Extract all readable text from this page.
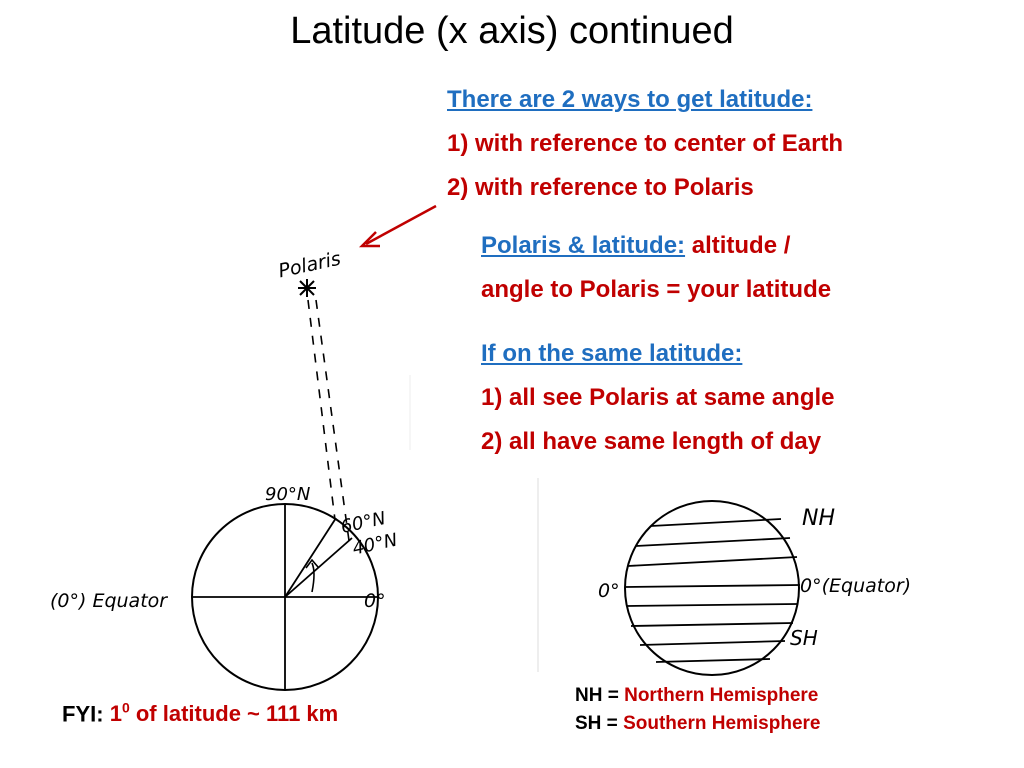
Latitude (x axis) continued
There are 2 ways to get latitude:
1) with reference to center of Earth
2) with reference to Polaris
Polaris & latitude: altitude /
angle to Polaris = your latitude
If on the same latitude:
1) all see Polaris at same angle
2) all have same length of day
Polaris
90°N
60°N
40°N
(0°) Equator	0°
NH
0°	0°(Equator)
SH
FYI: $1^0$ of latitude ~ 111 km
NH = Northern Hemisphere
SH = Southern Hemisphere
